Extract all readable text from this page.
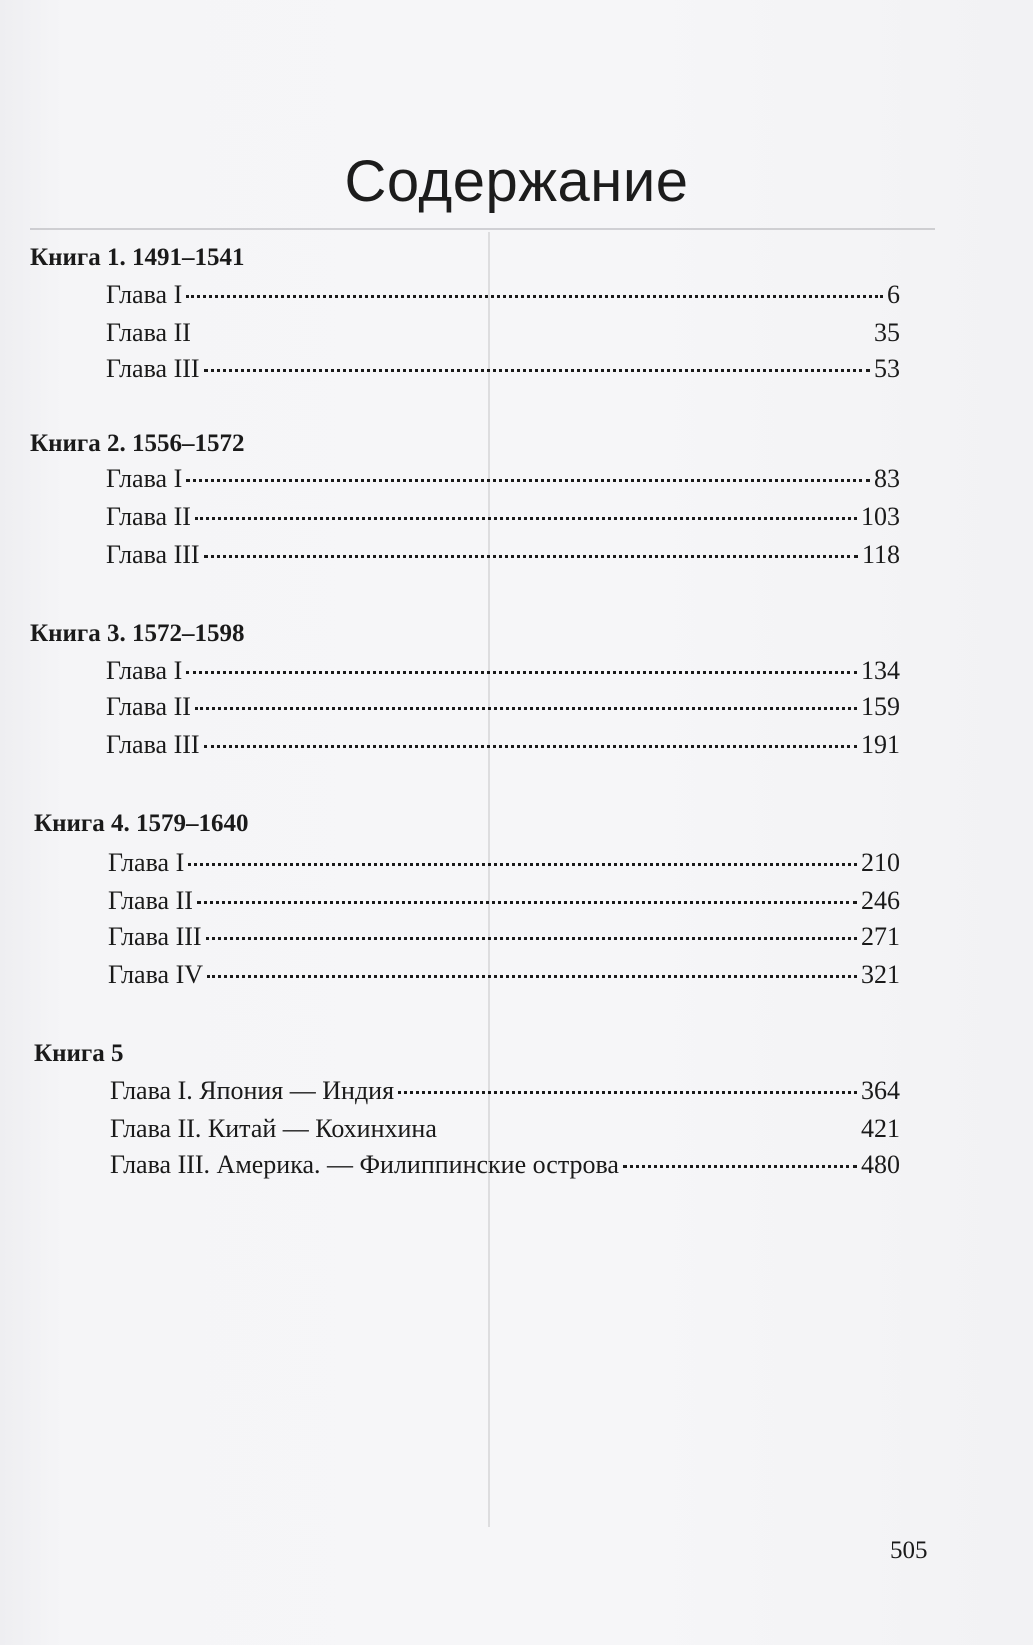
Содержание
Книга 1. 1491–1541
Глава I	6
Глава II	35
Глава III	53
Книга 2. 1556–1572
Глава I	83
Глава II	103
Глава III	118
Книга 3. 1572–1598
Глава I	134
Глава II	159
Глава III	191
Книга 4. 1579–1640
Глава I	210
Глава II	246
Глава III	271
Глава IV	321
Книга 5
Глава I. Япония — Индия	364
Глава II. Китай — Кохинхина	421
Глава III. Америка. — Филиппинские острова	480
505
